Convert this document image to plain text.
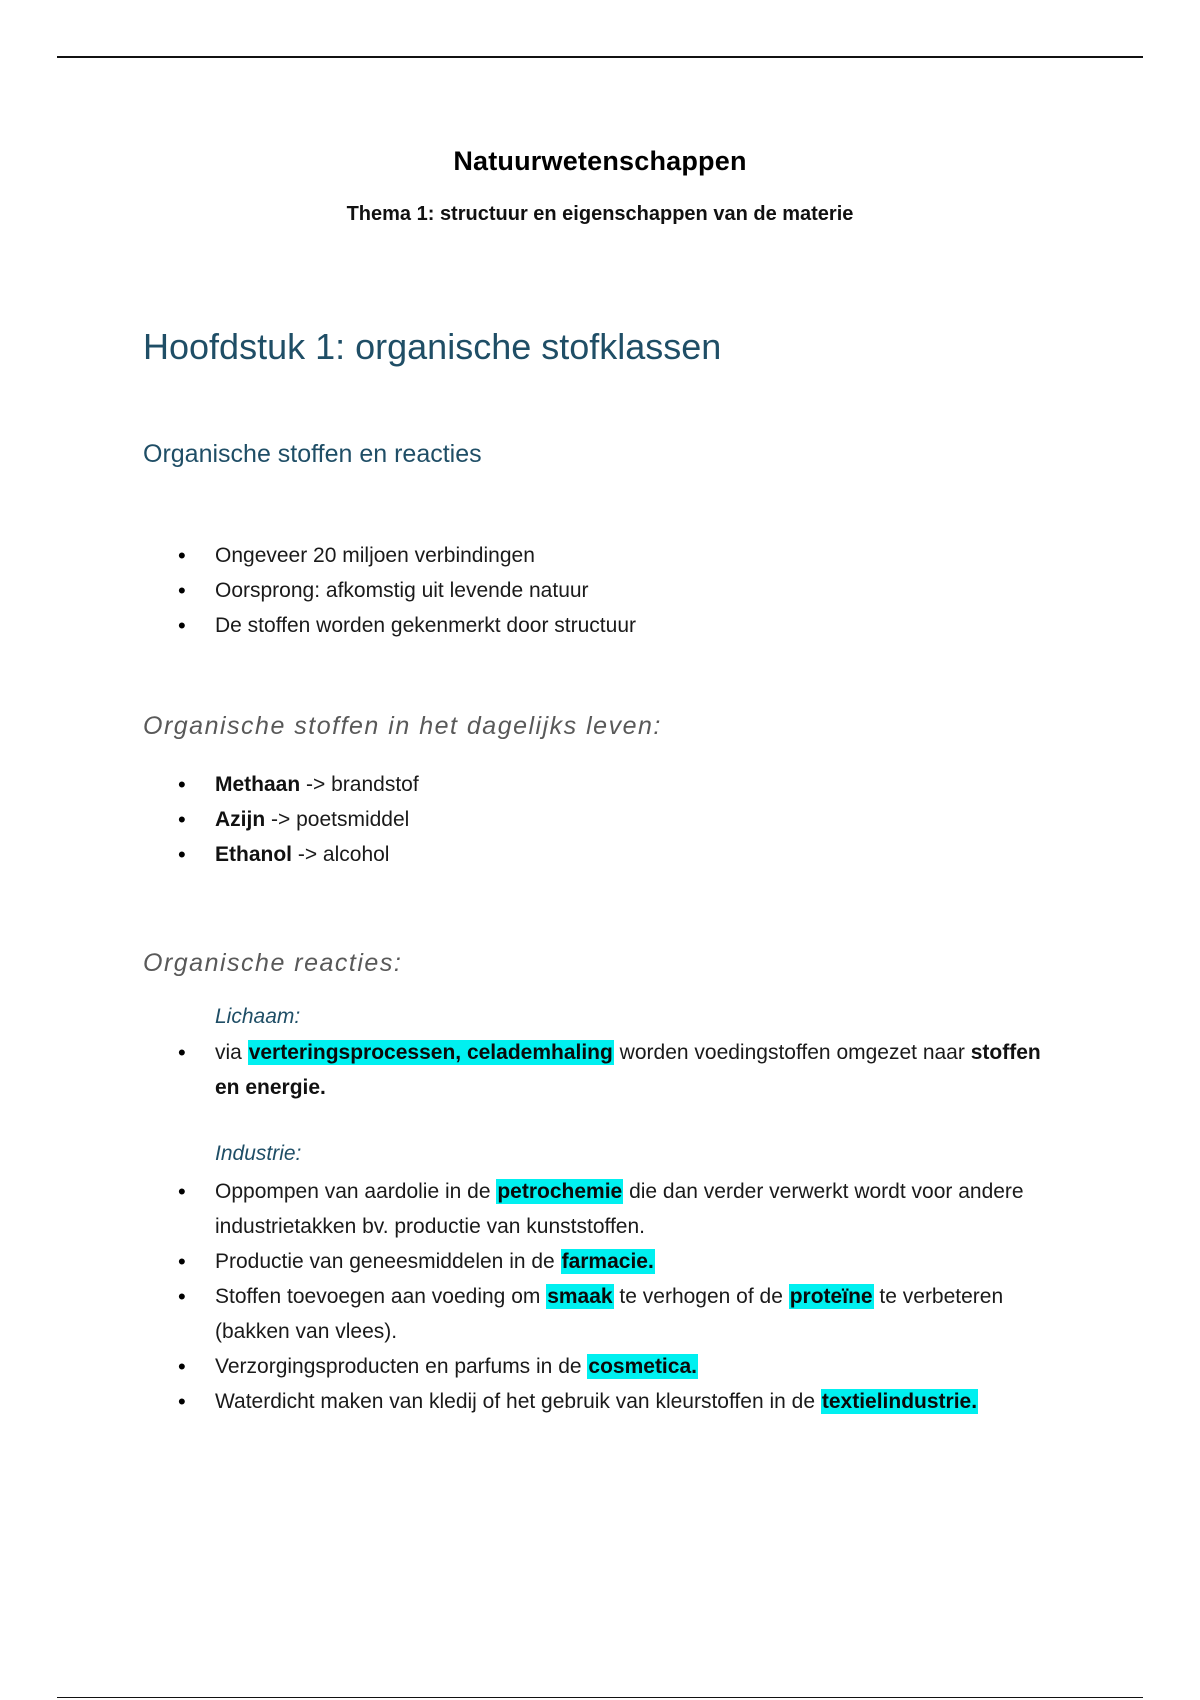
Natuurwetenschappen
Thema 1: structuur en eigenschappen van de materie
Hoofdstuk 1: organische stofklassen
Organische stoffen en reacties
• Ongeveer 20 miljoen verbindingen
• Oorsprong: afkomstig uit levende natuur
• De stoffen worden gekenmerkt door structuur
Organische stoffen in het dagelijks leven:
• Methaan -> brandstof
• Azijn -> poetsmiddel
• Ethanol -> alcohol
Organische reacties:
Lichaam:
• via verteringsprocessen, celademhaling worden voedingstoffen omgezet naar stoffen en energie.
Industrie:
• Oppompen van aardolie in de petrochemie die dan verder verwerkt wordt voor andere industrietakken bv. productie van kunststoffen.
• Productie van geneesmiddelen in de farmacie.
• Stoffen toevoegen aan voeding om smaak te verhogen of de proteïne te verbeteren (bakken van vlees).
• Verzorgingsproducten en parfums in de cosmetica.
• Waterdicht maken van kledij of het gebruik van kleurstoffen in de textielindustrie.
